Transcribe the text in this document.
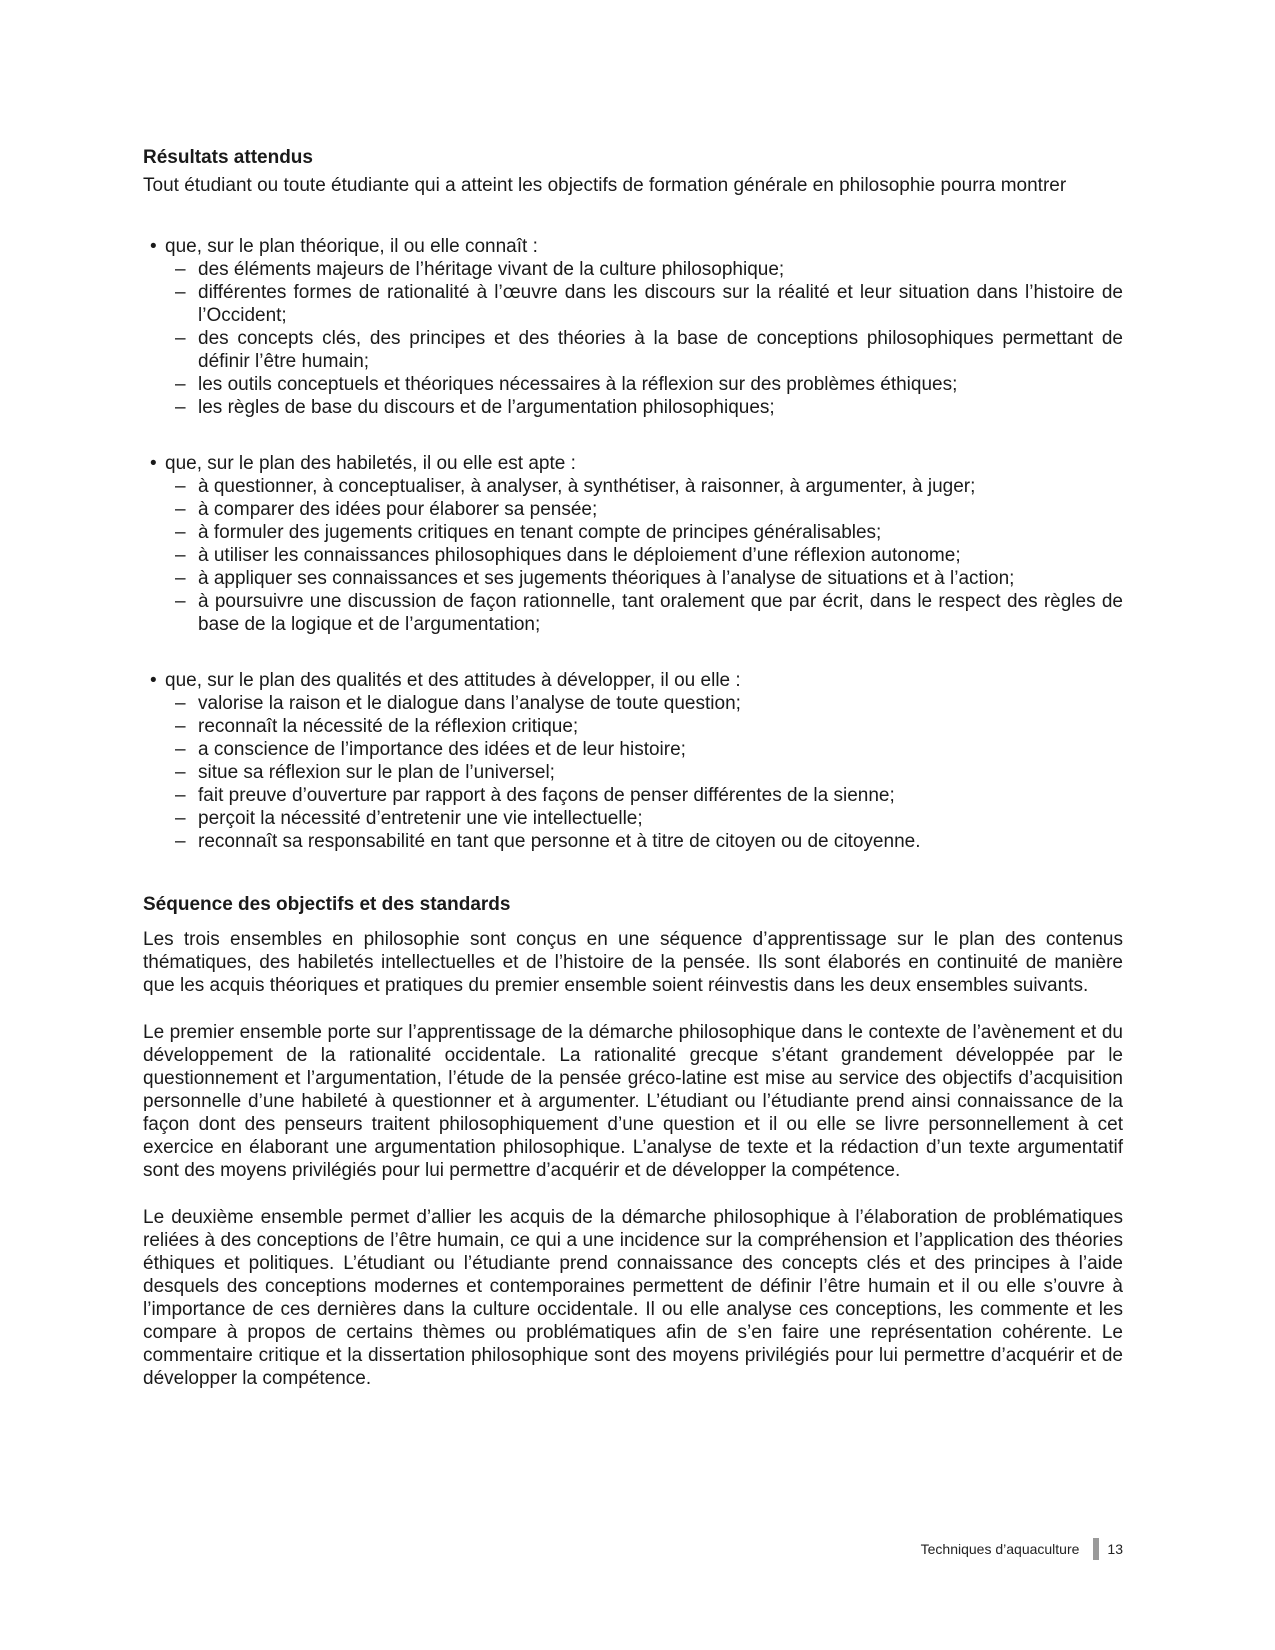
Résultats attendus

Tout étudiant ou toute étudiante qui a atteint les objectifs de formation générale en philosophie pourra montrer

• que, sur le plan théorique, il ou elle connaît :
– des éléments majeurs de l’héritage vivant de la culture philosophique;
– différentes formes de rationalité à l’œuvre dans les discours sur la réalité et leur situation dans l’histoire de l’Occident;
– des concepts clés, des principes et des théories à la base de conceptions philosophiques permettant de définir l’être humain;
– les outils conceptuels et théoriques nécessaires à la réflexion sur des problèmes éthiques;
– les règles de base du discours et de l’argumentation philosophiques;
• que, sur le plan des habiletés, il ou elle est apte :
– à questionner, à conceptualiser, à analyser, à synthétiser, à raisonner, à argumenter, à juger;
– à comparer des idées pour élaborer sa pensée;
– à formuler des jugements critiques en tenant compte de principes généralisables;
– à utiliser les connaissances philosophiques dans le déploiement d’une réflexion autonome;
– à appliquer ses connaissances et ses jugements théoriques à l’analyse de situations et à l’action;
– à poursuivre une discussion de façon rationnelle, tant oralement que par écrit, dans le respect des règles de base de la logique et de l’argumentation;
• que, sur le plan des qualités et des attitudes à développer, il ou elle :
– valorise la raison et le dialogue dans l’analyse de toute question;
– reconnaît la nécessité de la réflexion critique;
– a conscience de l’importance des idées et de leur histoire;
– situe sa réflexion sur le plan de l’universel;
– fait preuve d’ouverture par rapport à des façons de penser différentes de la sienne;
– perçoit la nécessité d’entretenir une vie intellectuelle;
– reconnaît sa responsabilité en tant que personne et à titre de citoyen ou de citoyenne.
Séquence des objectifs et des standards

Les trois ensembles en philosophie sont conçus en une séquence d’apprentissage sur le plan des contenus thématiques, des habiletés intellectuelles et de l’histoire de la pensée. Ils sont élaborés en continuité de manière que les acquis théoriques et pratiques du premier ensemble soient réinvestis dans les deux ensembles suivants.

Le premier ensemble porte sur l’apprentissage de la démarche philosophique dans le contexte de l’avènement et du développement de la rationalité occidentale. La rationalité grecque s’étant grandement développée par le questionnement et l’argumentation, l’étude de la pensée gréco-latine est mise au service des objectifs d’acquisition personnelle d’une habileté à questionner et à argumenter. L’étudiant ou l’étudiante prend ainsi connaissance de la façon dont des penseurs traitent philosophiquement d’une question et il ou elle se livre personnellement à cet exercice en élaborant une argumentation philosophique. L’analyse de texte et la rédaction d’un texte argumentatif sont des moyens privilégiés pour lui permettre d’acquérir et de développer la compétence.

Le deuxième ensemble permet d’allier les acquis de la démarche philosophique à l’élaboration de problématiques reliées à des conceptions de l’être humain, ce qui a une incidence sur la compréhension et l’application des théories éthiques et politiques. L’étudiant ou l’étudiante prend connaissance des concepts clés et des principes à l’aide desquels des conceptions modernes et contemporaines permettent de définir l’être humain et il ou elle s’ouvre à l’importance de ces dernières dans la culture occidentale. Il ou elle analyse ces conceptions, les commente et les compare à propos de certains thèmes ou problématiques afin de s’en faire une représentation cohérente. Le commentaire critique et la dissertation philosophique sont des moyens privilégiés pour lui permettre d’acquérir et de développer la compétence.

Techniques d’aquaculture 13
